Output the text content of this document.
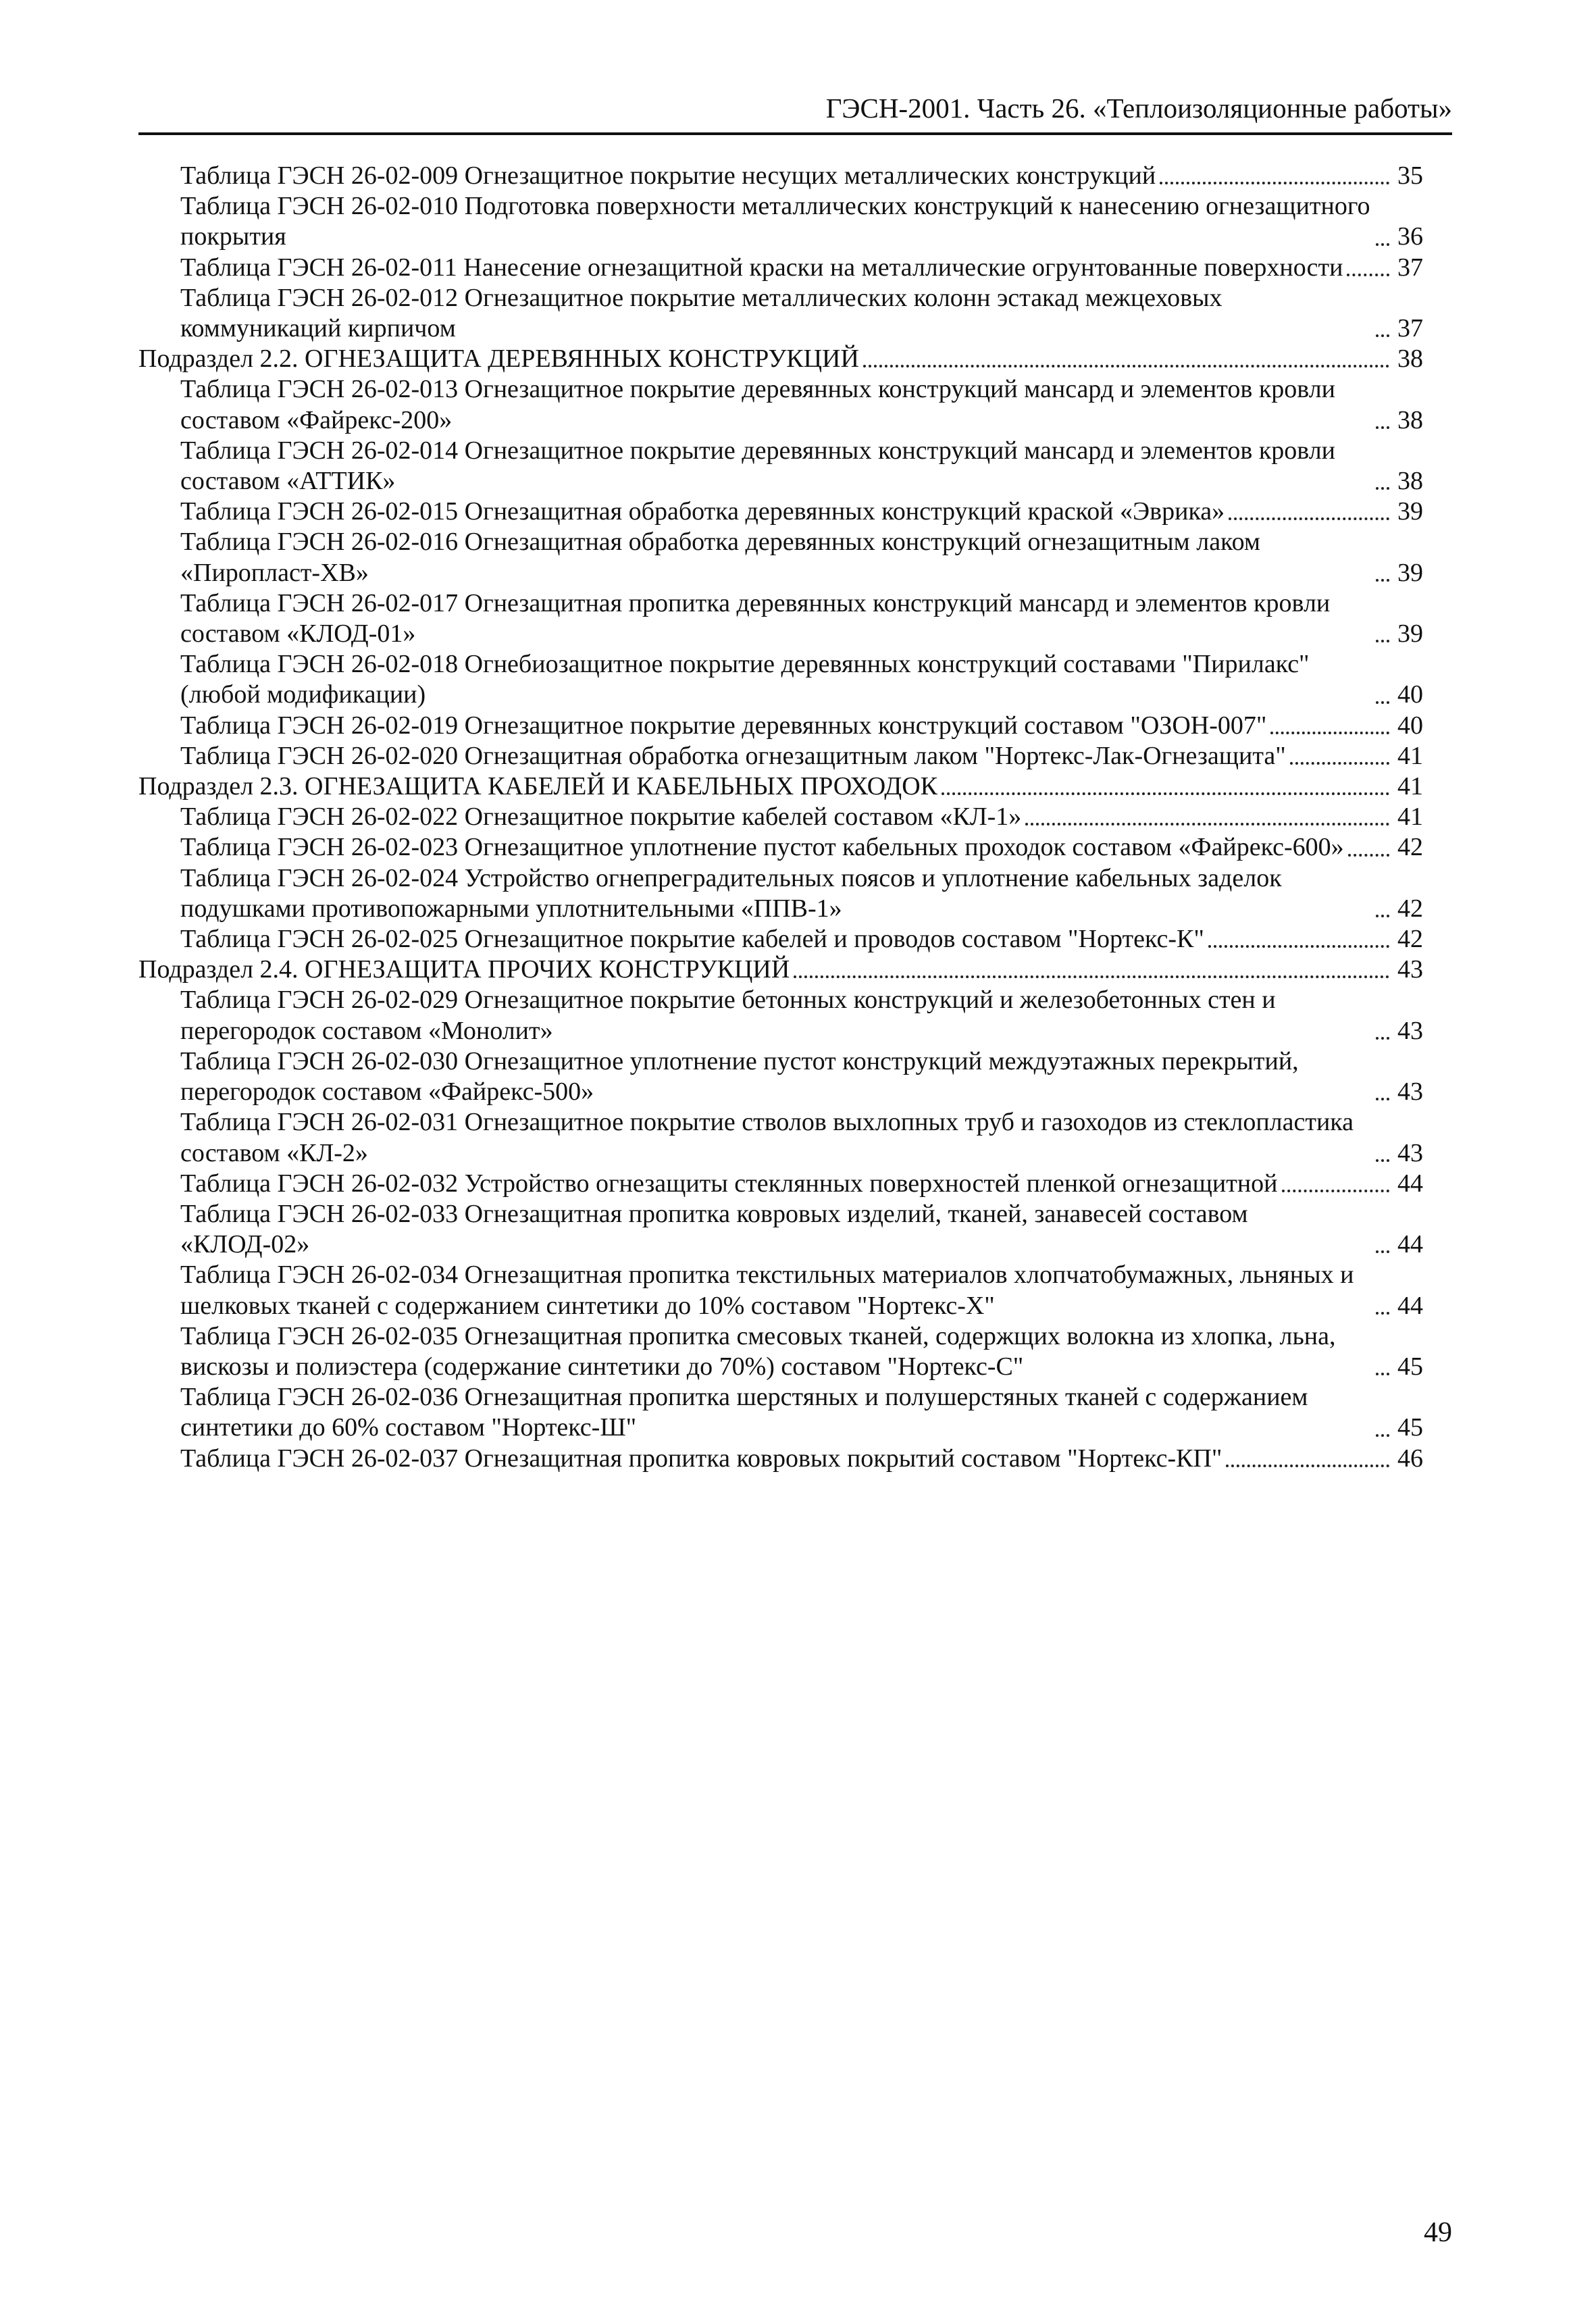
ГЭСН-2001. Часть 26. «Теплоизоляционные работы»
Таблица ГЭСН 26-02-009 Огнезащитное покрытие несущих металлических конструкций	35
Таблица ГЭСН 26-02-010 Подготовка поверхности металлических конструкций к нанесению огнезащитного покрытия	36
Таблица ГЭСН 26-02-011 Нанесение огнезащитной краски на металлические огрунтованные поверхности 37
Таблица ГЭСН 26-02-012 Огнезащитное покрытие металлических колонн эстакад межцеховых коммуникаций кирпичом	37
Подраздел 2.2. ОГНЕЗАЩИТА ДЕРЕВЯННЫХ КОНСТРУКЦИЙ	38
Таблица ГЭСН 26-02-013 Огнезащитное покрытие деревянных конструкций мансард и элементов кровли составом «Файрекс-200»	38
Таблица ГЭСН 26-02-014 Огнезащитное покрытие деревянных конструкций мансард и элементов кровли составом «АТТИК»	38
Таблица ГЭСН 26-02-015 Огнезащитная обработка деревянных конструкций краской «Эврика»	39
Таблица ГЭСН 26-02-016 Огнезащитная обработка деревянных конструкций огнезащитным лаком «Пиропласт-ХВ»	39
Таблица ГЭСН 26-02-017 Огнезащитная пропитка деревянных конструкций мансард и элементов кровли составом «КЛОД-01»	39
Таблица ГЭСН 26-02-018 Огнебиозащитное покрытие деревянных конструкций составами "Пирилакс" (любой модификации)	40
Таблица ГЭСН 26-02-019 Огнезащитное покрытие деревянных конструкций составом "ОЗОН-007"	40
Таблица ГЭСН 26-02-020 Огнезащитная обработка огнезащитным лаком "Нортекс-Лак-Огнезащита"	41
Подраздел 2.3. ОГНЕЗАЩИТА КАБЕЛЕЙ И КАБЕЛЬНЫХ ПРОХОДОК	41
Таблица ГЭСН 26-02-022 Огнезащитное покрытие кабелей составом «КЛ-1»	41
Таблица ГЭСН 26-02-023 Огнезащитное уплотнение пустот кабельных проходок составом «Файрекс-600» 42
Таблица ГЭСН 26-02-024 Устройство огнепреградительных поясов и уплотнение кабельных заделок подушками противопожарными уплотнительными «ППВ-1»	42
Таблица ГЭСН 26-02-025 Огнезащитное покрытие кабелей и проводов составом "Нортекс-К"	42
Подраздел 2.4. ОГНЕЗАЩИТА ПРОЧИХ КОНСТРУКЦИЙ	43
Таблица ГЭСН 26-02-029 Огнезащитное покрытие бетонных конструкций и железобетонных стен и перегородок составом «Монолит»	43
Таблица ГЭСН 26-02-030 Огнезащитное уплотнение пустот конструкций междуэтажных перекрытий, перегородок составом «Файрекс-500»	43
Таблица ГЭСН 26-02-031 Огнезащитное покрытие стволов выхлопных труб и газоходов из стеклопластика составом «КЛ-2»	43
Таблица ГЭСН 26-02-032 Устройство огнезащиты стеклянных поверхностей пленкой огнезащитной	44
Таблица ГЭСН 26-02-033 Огнезащитная пропитка ковровых изделий, тканей, занавесей составом «КЛОД-02»	44
Таблица ГЭСН 26-02-034 Огнезащитная пропитка текстильных материалов хлопчатобумажных, льняных и шелковых тканей с содержанием синтетики до 10% составом "Нортекс-Х"	44
Таблица ГЭСН 26-02-035 Огнезащитная пропитка смесовых тканей, содержщих волокна из хлопка, льна, вискозы и полиэстера (содержание синтетики до 70%) составом "Нортекс-С"	45
Таблица ГЭСН 26-02-036 Огнезащитная пропитка шерстяных и полушерстяных тканей с содержанием синтетики до 60% составом "Нортекс-Ш"	45
Таблица ГЭСН 26-02-037 Огнезащитная пропитка ковровых покрытий составом "Нортекс-КП"	46
49
